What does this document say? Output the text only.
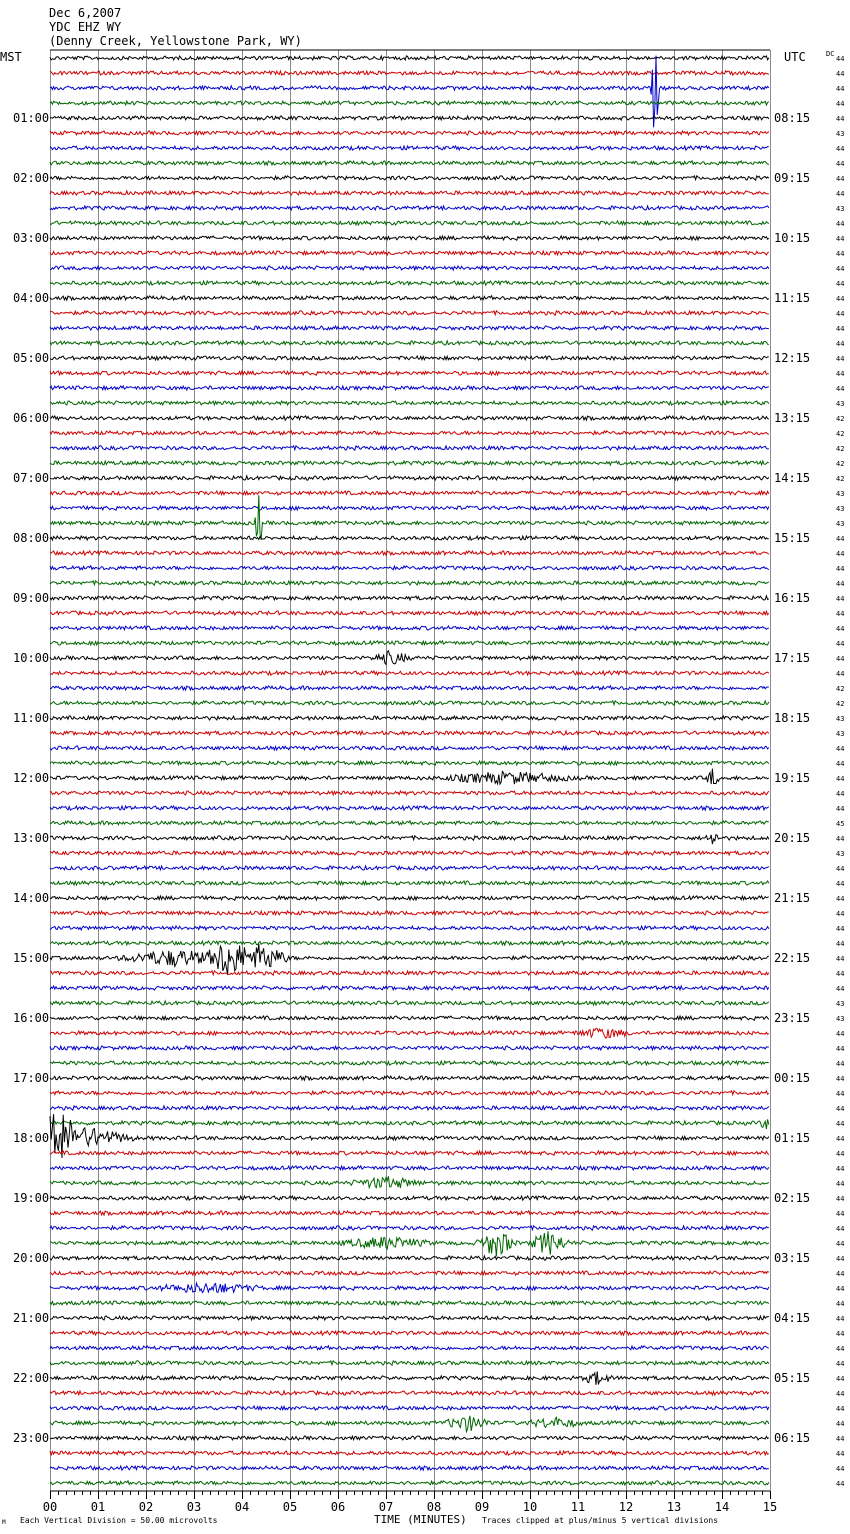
Dec 6,2007
YDC EHZ WY
(Denny Creek, Yellowstone Park, WY)
MST	UTC	DC
01:00
02:00
03:00
04:00
05:00
06:00
07:00
08:00
09:00
10:00
11:00
12:00
13:00
14:00
15:00
16:00
17:00
18:00
19:00
20:00
21:00
22:00
23:00
08:15
09:15
10:15
11:15
12:15
13:15
14:15
15:15
16:15
17:15
18:15
19:15
20:15
21:15
22:15
23:15
00:15
01:15
02:15
03:15
04:15
05:15
06:15
44
44
44
44
44
43
44
44
44
44
43
44
44
44
44
44
44
44
44
44
44
44
44
43
42
42
42
42
42
43
43
43
44
44
44
44
44
44
44
44
44
44
42
42
43
43
44
44
44
44
44
45
44
43
44
44
44
44
44
44
44
44
44
43
43
44
44
44
44
44
44
44
44
44
44
44
44
44
44
44
44
44
44
44
44
44
44
44
44
44
44
44
44
44
44
44
00	01	02	03	04	05	06	07	08	09	10	11	12	13	14	15
M Each Vertical Division = 50.00 microvolts	TIME (MINUTES) Traces clipped at plus/minus 5 vertical divisions
